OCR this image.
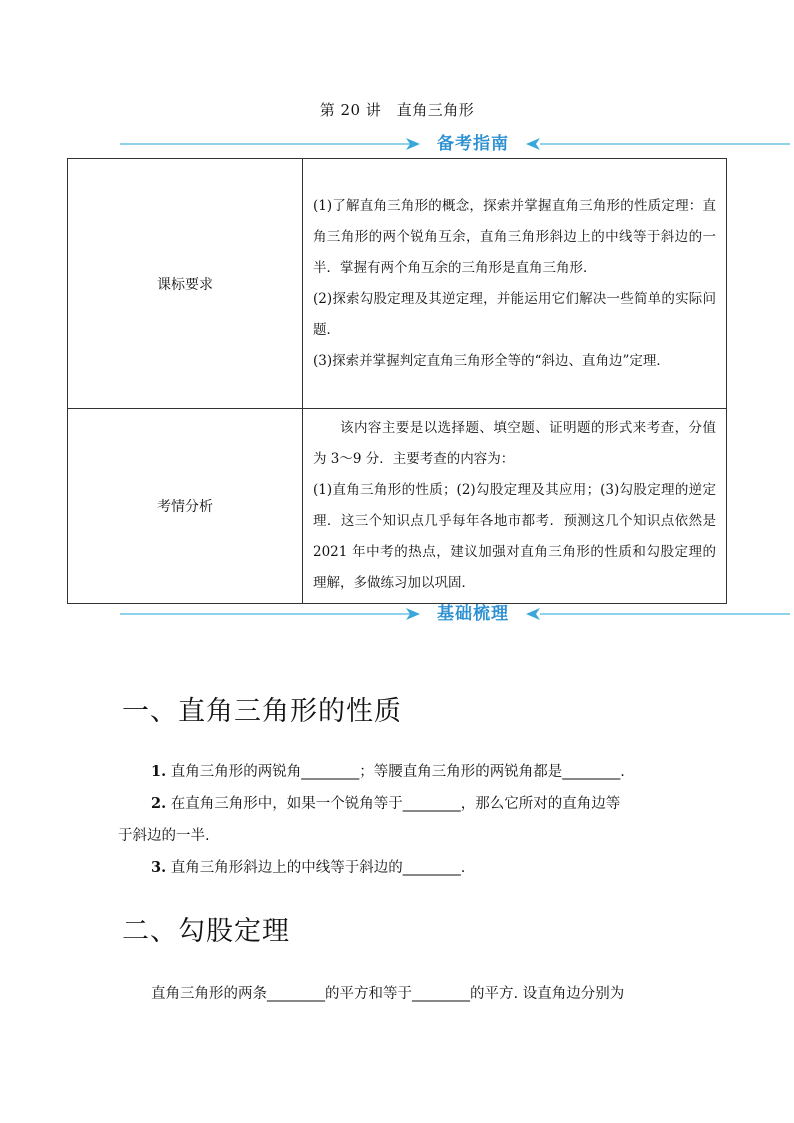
第 20 讲　直角三角形
备考指南
课标要求	(1)了解直角三角形的概念，探索并掌握直角三角形的性质定理：直角三角形的两个锐角互余，直角三角形斜边上的中线等于斜边的一半．掌握有两个角互余的三角形是直角三角形．

(2)探索勾股定理及其逆定理，并能运用它们解决一些简单的实际问题．

(3)探索并掌握判定直角三角形全等的“斜边、直角边”定理．

考情分析	该内容主要是以选择题、填空题、证明题的形式来考查，分值为 3～9 分．主要考查的内容为：

(1)直角三角形的性质；(2)勾股定理及其应用；(3)勾股定理的逆定理．这三个知识点几乎每年各地市都考．预测这几个知识点依然是 2021 年中考的热点，建议加强对直角三角形的性质和勾股定理的理解，多做练习加以巩固．

基础梳理
一、直角三角形的性质
1. 直角三角形的两锐角________；等腰直角三角形的两锐角都是________.
2. 在直角三角形中，如果一个锐角等于________，那么它所对的直角边等
于斜边的一半.
3. 直角三角形斜边上的中线等于斜边的________.
二、勾股定理
直角三角形的两条________的平方和等于________的平方. 设直角边分别为
